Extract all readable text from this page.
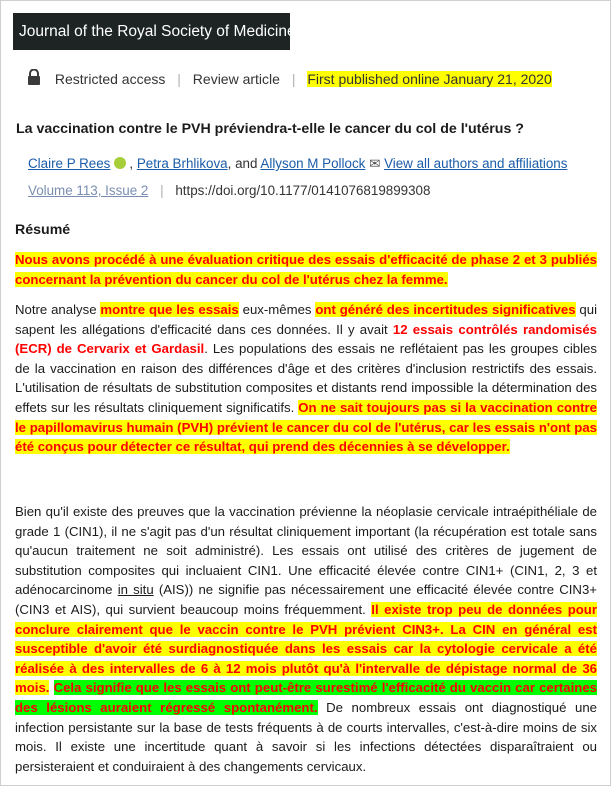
Journal of the Royal Society of Medicine
Restricted access | Review article | First published online January 21, 2020
La vaccination contre le PVH préviendra-t-elle le cancer du col de l'utérus ?
Claire P Rees , Petra Brhlikova, and Allyson M Pollock ✉ View all authors and affiliations
Volume 113, Issue 2 | https://doi.org/10.1177/0141076819899308
Résumé

Nous avons procédé à une évaluation critique des essais d'efficacité de phase 2 et 3 publiés concernant la prévention du cancer du col de l'utérus chez la femme.

Notre analyse montre que les essais eux-mêmes ont généré des incertitudes significatives qui sapent les allégations d'efficacité dans ces données. Il y avait 12 essais contrôlés randomisés (ECR) de Cervarix et Gardasil. Les populations des essais ne reflétaient pas les groupes cibles de la vaccination en raison des différences d'âge et des critères d'inclusion restrictifs des essais. L'utilisation de résultats de substitution composites et distants rend impossible la détermination des effets sur les résultats cliniquement significatifs. On ne sait toujours pas si la vaccination contre le papillomavirus humain (PVH) prévient le cancer du col de l'utérus, car les essais n'ont pas été conçus pour détecter ce résultat, qui prend des décennies à se développer.

Bien qu'il existe des preuves que la vaccination prévienne la néoplasie cervicale intraépithéliale de grade 1 (CIN1), il ne s'agit pas d'un résultat cliniquement important (la récupération est totale sans qu'aucun traitement ne soit administré). Les essais ont utilisé des critères de jugement de substitution composites qui incluaient CIN1. Une efficacité élevée contre CIN1+ (CIN1, 2, 3 et adénocarcinome in situ (AIS)) ne signifie pas nécessairement une efficacité élevée contre CIN3+ (CIN3 et AIS), qui survient beaucoup moins fréquemment. Il existe trop peu de données pour conclure clairement que le vaccin contre le PVH prévient CIN3+. La CIN en général est susceptible d'avoir été surdiagnostiquée dans les essais car la cytologie cervicale a été réalisée à des intervalles de 6 à 12 mois plutôt qu'à l'intervalle de dépistage normal de 36 mois. Cela signifie que les essais ont peut-être surestimé l'efficacité du vaccin car certaines des lésions auraient régressé spontanément. De nombreux essais ont diagnostiqué une infection persistante sur la base de tests fréquents à de courts intervalles, c'est-à-dire moins de six mois. Il existe une incertitude quant à savoir si les infections détectées disparaîtraient ou persisteraient et conduiraient à des changements cervicaux.
